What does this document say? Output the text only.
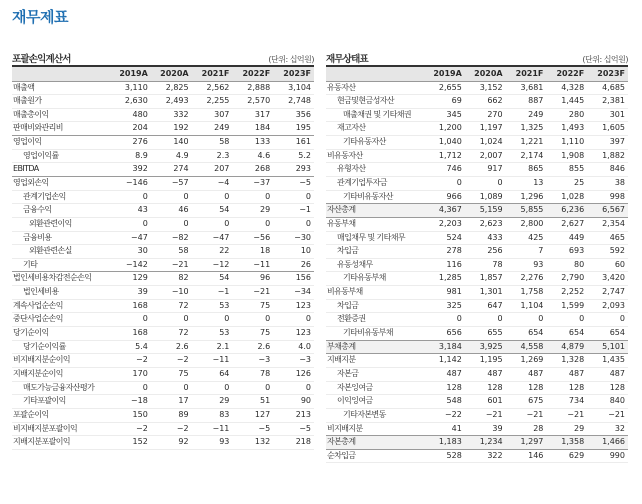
재무제표
포괄손익계산서	(단위: 십억원)
	2019A	2020A	2021F	2022F	2023F
매출액	3,110	2,825	2,562	2,888	3,104
매출원가	2,630	2,493	2,255	2,570	2,748
매출총이익	480	332	307	317	356
판매비와관리비	204	192	249	184	195
영업이익	276	140	58	133	161
영업이익률	8.9	4.9	2.3	4.6	5.2
EBITDA	392	274	207	268	293
영업외손익	−146	−57	−4	−37	−5
관계기업손익	0	0	0	0	0
금융수익	43	46	54	29	−1
외환관련이익	0	0	0	0	0
금융비용	−47	−82	−47	−56	−30
외환관련손실	30	58	22	18	10
기타	−142	−21	−12	−11	26
법인세비용차감전순손익	129	82	54	96	156
법인세비용	39	−10	−1	−21	−34
계속사업순손익	168	72	53	75	123
중단사업순손익	0	0	0	0	0
당기순이익	168	72	53	75	123
당기순이익률	5.4	2.6	2.1	2.6	4.0
비지배지분순이익	−2	−2	−11	−3	−3
지배지분순이익	170	75	64	78	126
매도가능금융자산평가	0	0	0	0	0
기타포괄이익	−18	17	29	51	90
포괄순이익	150	89	83	127	213
비지배지분포괄이익	−2	−2	−11	−5	−5
지배지분포괄이익	152	92	93	132	218
재무상태표	(단위: 십억원)
	2019A	2020A	2021F	2022F	2023F
유동자산	2,655	3,152	3,681	4,328	4,685
현금및현금성자산	69	662	887	1,445	2,381
매출채권 및 기타채권	345	270	249	280	301
재고자산	1,200	1,197	1,325	1,493	1,605
기타유동자산	1,040	1,024	1,221	1,110	397
비유동자산	1,712	2,007	2,174	1,908	1,882
유형자산	746	917	865	855	846
관계기업투자금	0	0	13	25	38
기타비유동자산	966	1,089	1,296	1,028	998
자산총계	4,367	5,159	5,855	6,236	6,567
유동부채	2,203	2,623	2,800	2,627	2,354
매입채무 및 기타채무	524	433	425	449	465
차입금	278	256	7	693	592
유동성채무	116	78	93	80	60
기타유동부채	1,285	1,857	2,276	2,790	3,420
비유동부채	981	1,301	1,758	2,252	2,747
차입금	325	647	1,104	1,599	2,093
전환증권	0	0	0	0	0
기타비유동부채	656	655	654	654	654
부채총계	3,184	3,925	4,558	4,879	5,101
지배지분	1,142	1,195	1,269	1,328	1,435
자본금	487	487	487	487	487
자본잉여금	128	128	128	128	128
이익잉여금	548	601	675	734	840
기타자본변동	−22	−21	−21	−21	−21
비지배지분	41	39	28	29	32
자본총계	1,183	1,234	1,297	1,358	1,466
순차입금	528	322	146	629	990
